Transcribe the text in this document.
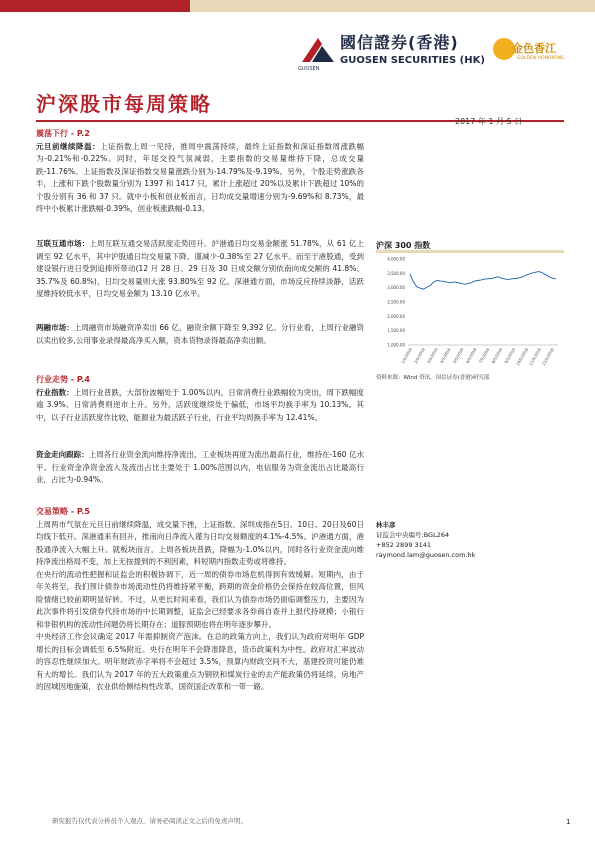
國信證券(香港)
GUOSEN SECURITIES (HK)
GUOSEN
金色香江
GOLDEN HONGKONG
沪深股市每周策略
2017 年 1 月 5 日
震荡下行 - P.2

元旦前继续降温：上证指数上周一见持，推周中震荡持续，最终上证指数和深证指数周涨跌幅为-0.21%和-0.22%。同时，年尾交投气氛减弱，主要指数的交易量维持下降，总成交量跌-11.76%。上证指数及深证指数交易量涨跌分别为-14.79%及-9.19%。另外，个股走势涨跌各半，上涨和下跌个股数量分别为 1397 和 1417 只，累计上涨超过 20%以及累计下跌超过 10%的个股分别有 36 和 37 只。就中小板和创业板而言，日均成交量增速分别为-9.69%和 8.73%，最终中小板累计涨跌幅-0.39%，创业板涨跌幅-0.13。

互联互通市场：上周互联互通交易活跃度走势回升。沪港通日均交易金额涨 51.78%，从 61 亿上调至 92 亿水平，其中沪股通日均交易量下降，谨减少-0.38%至 27 亿水平。而至于港股通，受到建设银行进日受到追捧所带动(12 月 28 日、29 日及 30 日成交额分别依南向成交额的 41.8%、35.7%及 60.8%)，日均交易量则大涨 93.80%至 92 亿。深港通方面，市场反应持续淡静，活跃度维持较低水平，日均交易金额为 13.10 亿水平。

两融市场：上周融资市场融资净卖出 66 亿，融资余额下降至 9,392 亿。分行业看，上周行业融资以卖出较多,公用事业录得最高净买入额，资本货物录得最高净卖出额。

行业走势 - P.4

行业指数：上周行业普跌，大部份波幅处于 1.00%以内，日常消费行业跌幅较为突出，周下跌幅度逾 3.9%。日常消费则逆市上升。另外，活跃度继续处于偏低，市场平均换手率为 10.13%。其中，以子行业活跃度作比较，能源业为最活跃子行业，行业平均周换手率为 12.41%。

资金走向跟踪：上周各行业资金流向维持净流出，工业板块再度为流出最高行业，维持在-160 亿水平。行业资金净资金流入及流出占比主要处于 1.00%范围以内，电信服务为资金流出占比最高行业，占比为-0.94%。

交易策略 - P.5

上周两市气氛在元旦日前继续降温，成交量下挫，上证指数、深圳成指在5日、10日、20日及60日均线下低开。深港通来有回升，推南向日净流入谨为日均交易额度的4.1%-4.5%。沪港通方面，港股通净流入大幅上升。就板块而言，上周各板块普跌，降幅为-1.0%以内，同时各行业资金流向维持净流出格局不变，加上无按提到的不利因素，料短期内指数走势或将维持。

在央行的流动性把握和证监会的积极协调下，近一周的债券市场危机得到有效缓解。短期内，由于年关将至，我们预计债券市场流动性仍将维持紧平衡，跨期的资金价格仍会保持在较高位置，但风险情绪已较前期明显好转。不过，从更长时间来看，我们认为债券市场仍面临调整压力，主要因为此次事件将引发债券代持市场的中长期调整，证监会已经要求各券商自查并上报代持规模；小银行和非银机构的流动性问题仍将长期存在；道豚预期也将在明年逐步攀升。

中央经济工作会议确定 2017 年需抑制资产泡沫。在总的政策方向上，我们认为政府对明年 GDP 增长的目标会调低至 6.5%附近。央行在明年不会降准降息，货币政策料为中性。政府对汇率波动的容忍性继续加大。明年财政赤字率将不会超过 3.5%，预算内财政空间不大，基建投资可能仍难有大的增长。我们认为 2017 年的五大政策重点为钢铁和煤炭行业的去产能政策仍将延续，房地产的因城因地施策，农业供给侧结构性改革，国资国企改革和一带一路。

沪深 300 指数
4,000.00
3,500.00
3,000.00
2,500.00
2,000.00
1,500.00
1,000.00
1/5/2016 2/5/2016 3/5/2016 4/5/2016 5/5/2016 6/5/2016 7/5/2016 8/5/2016 9/5/2016
10/5/2016
11/5/2016
12/5/2016
资料来源：Wind 资讯，国信证券(香港)研究部
林丰彦
证监会中央编号:BGL264
+852 2899 3141
raymond.lam@guosen.com.hk
研究报告仅代表分析员个人观点，请务必阅读正文之后的免责声明。	1
